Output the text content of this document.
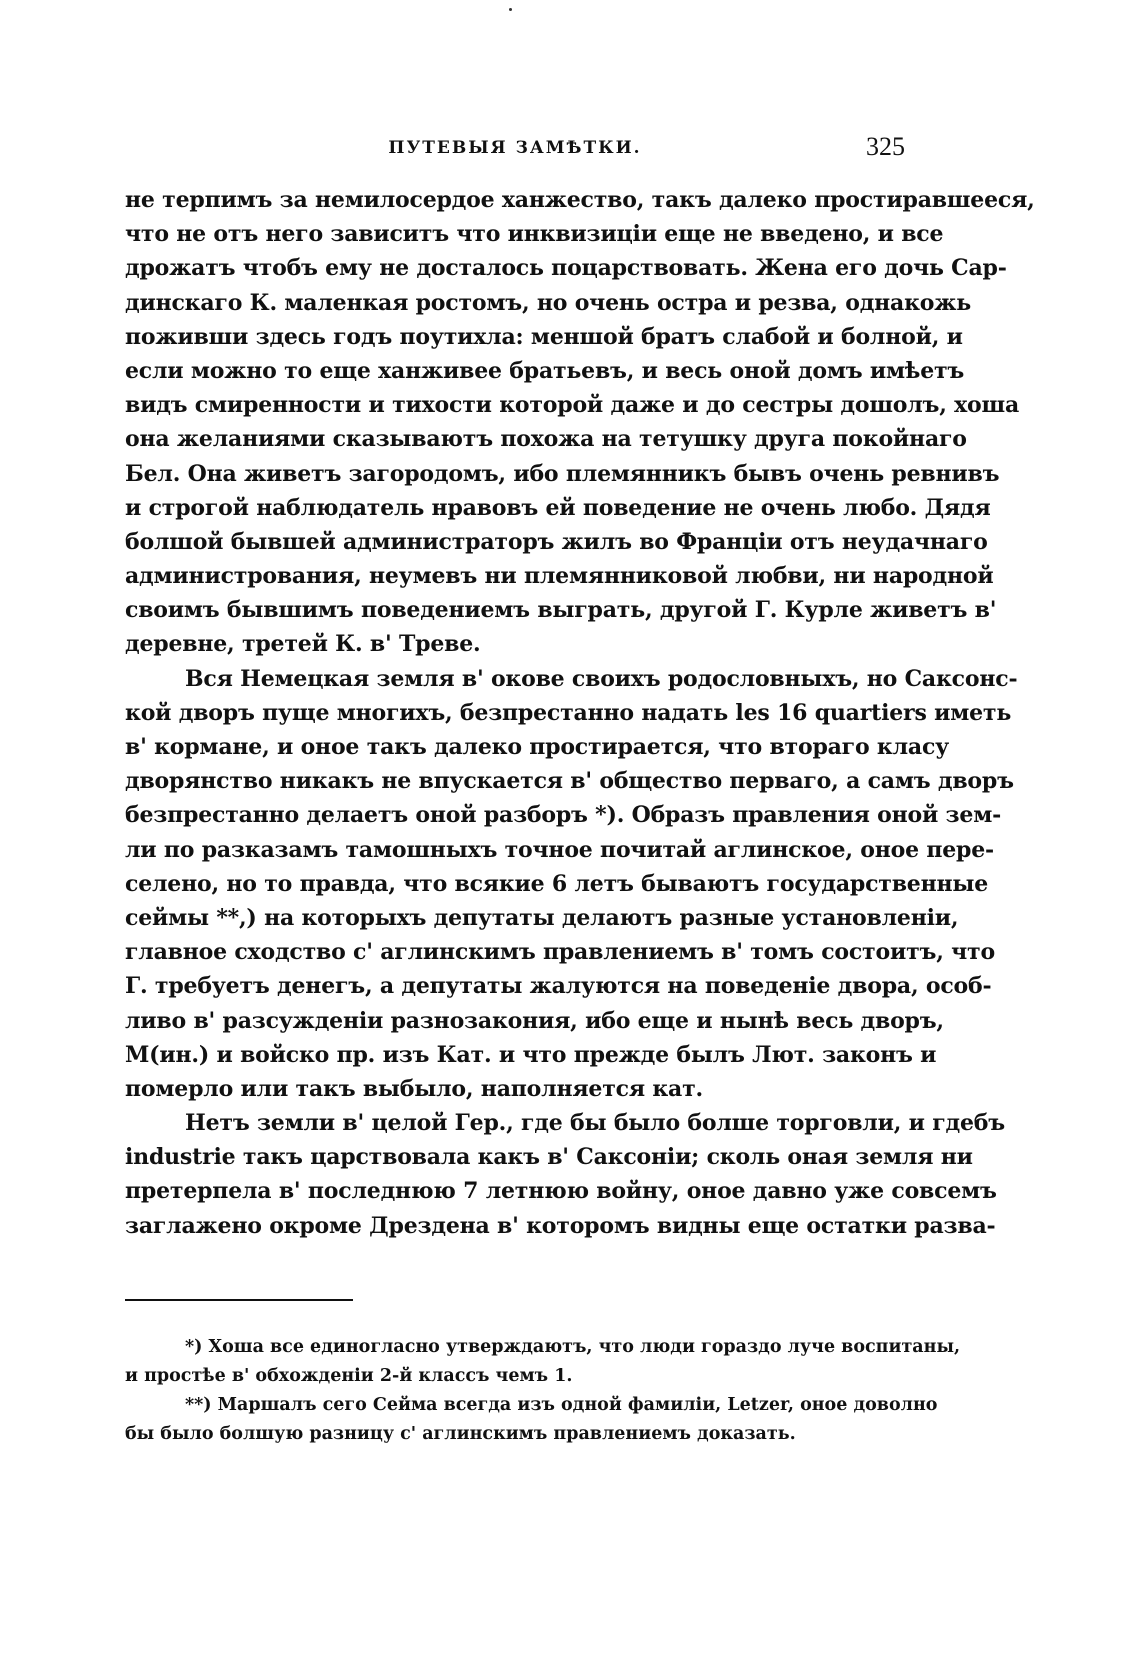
ПУТЕВЫЯ ЗАМѢТКИ.	325
не терпимъ за немилосердое ханжество, такъ далеко простиравшееся,
что не отъ него зависитъ что инквизицiи еще не введено, и все
дрожатъ чтобъ ему не досталось поцарствовать. Жена его дочь Сар-
динскаго К. маленкая ростомъ, но очень остра и резва, однакожь
поживши здесь годъ поутихла: меншой братъ слабой и болной, и
если можно то еще ханживее братьевъ, и весь оной домъ имѣетъ
видъ смиренности и тихости которой даже и до сестры дошолъ, хоша
она желаниями сказываютъ похожа на тетушку друга покойнаго
Бел. Она живетъ загородомъ, ибо племянникъ бывъ очень ревнивъ
и строгой наблюдатель нравовъ ей поведение не очень любо. Дядя
болшой бывшей администраторъ жилъ во Францiи отъ неудачнаго
администрования, неумевъ ни племянниковой любви, ни народной
своимъ бывшимъ поведениемъ выграть, другой Г. Курле живетъ в'
деревне, третей К. в' Треве.
Вся Немецкая земля в' окове своихъ родословныхъ, но Саксонс-
кой дворъ пуще многихъ, безпрестанно надать les 16 quartiers иметь
в' кормане, и оное такъ далеко простирается, что втораго класу
дворянство никакъ не впускается в' общество перваго, а самъ дворъ
безпрестанно делаетъ оной разборъ *). Образъ правления оной зем-
ли по разказамъ тамошныхъ точное почитай аглинское, оное пере-
селено, но то правда, что всякие 6 летъ бываютъ государственные
сеймы **,) на которыхъ депутаты делаютъ разные установленiи,
главное сходство с' аглинскимъ правлениемъ в' томъ состоитъ, что
Г. требуетъ денегъ, а депутаты жалуются на поведенiе двора, особ-
ливо в' разсужденiи разнозакония, ибо еще и нынѣ весь дворъ,
М(ин.) и войско пр. изъ Кат. и что прежде былъ Лют. законъ и
померло или такъ выбыло, наполняется кат.
Нетъ земли в' целой Гер., где бы было болше торговли, и гдебъ
industrie такъ царствовала какъ в' Саксонiи; сколь оная земля ни
претерпела в' последнюю 7 летнюю войну, оное давно уже совсемъ
заглажено окроме Дрездена в' которомъ видны еще остатки разва-
*) Хоша все единогласно утверждаютъ, что люди гораздо луче воспитаны,
и простѣе в' обхожденiи 2-й классъ чемъ 1.
**) Маршалъ сего Сейма всегда изъ одной фамилiи, Letzer, оное доволно
бы было болшую разницу с' аглинскимъ правлениемъ доказать.
